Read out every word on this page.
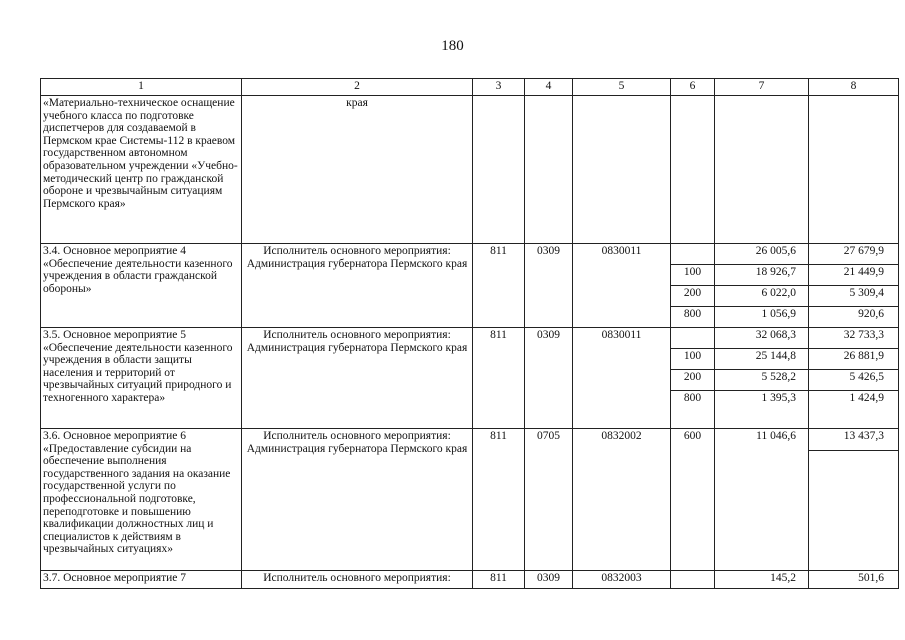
180
1	2	3	4	5	6	7	8
«Материально-техническое оснащение учебного класса по подготовке диспетчеров для создаваемой в Пермском крае Системы-112 в краевом государственном автономном образовательном учреждении «Учебно-методический центр по гражданской обороне и чрезвычайным ситуациям Пермского края»	края						
3.4. Основное мероприятие 4 «Обеспечение деятельности казенного учреждения в области гражданской обороны»	Исполнитель основного мероприятия: Администрация губернатора Пермского края	811	0309	0830011		26 005,6	27 679,9
					100	18 926,7	21 449,9
					200	6 022,0	5 309,4
					800	1 056,9	920,6
3.5. Основное мероприятие 5 «Обеспечение деятельности казенного учреждения в области защиты населения и территорий от чрезвычайных ситуаций природного и техногенного характера»	Исполнитель основного мероприятия: Администрация губернатора Пермского края	811	0309	0830011		32 068,3	32 733,3
					100	25 144,8	26 881,9
					200	5 528,2	5 426,5
					800	1 395,3	1 424,9
3.6. Основное мероприятие 6 «Предоставление субсидии на обеспечение выполнения государственного задания на оказание государственной услуги по профессиональной подготовке, переподготовке и повышению квалификации должностных лиц и специалистов к действиям в чрезвычайных ситуациях»	Исполнитель основного мероприятия: Администрация губернатора Пермского края	811	0705	0832002	600	11 046,6	13 437,3

3.7. Основное мероприятие 7	Исполнитель основного мероприятия:	811	0309	0832003		145,2	501,6
